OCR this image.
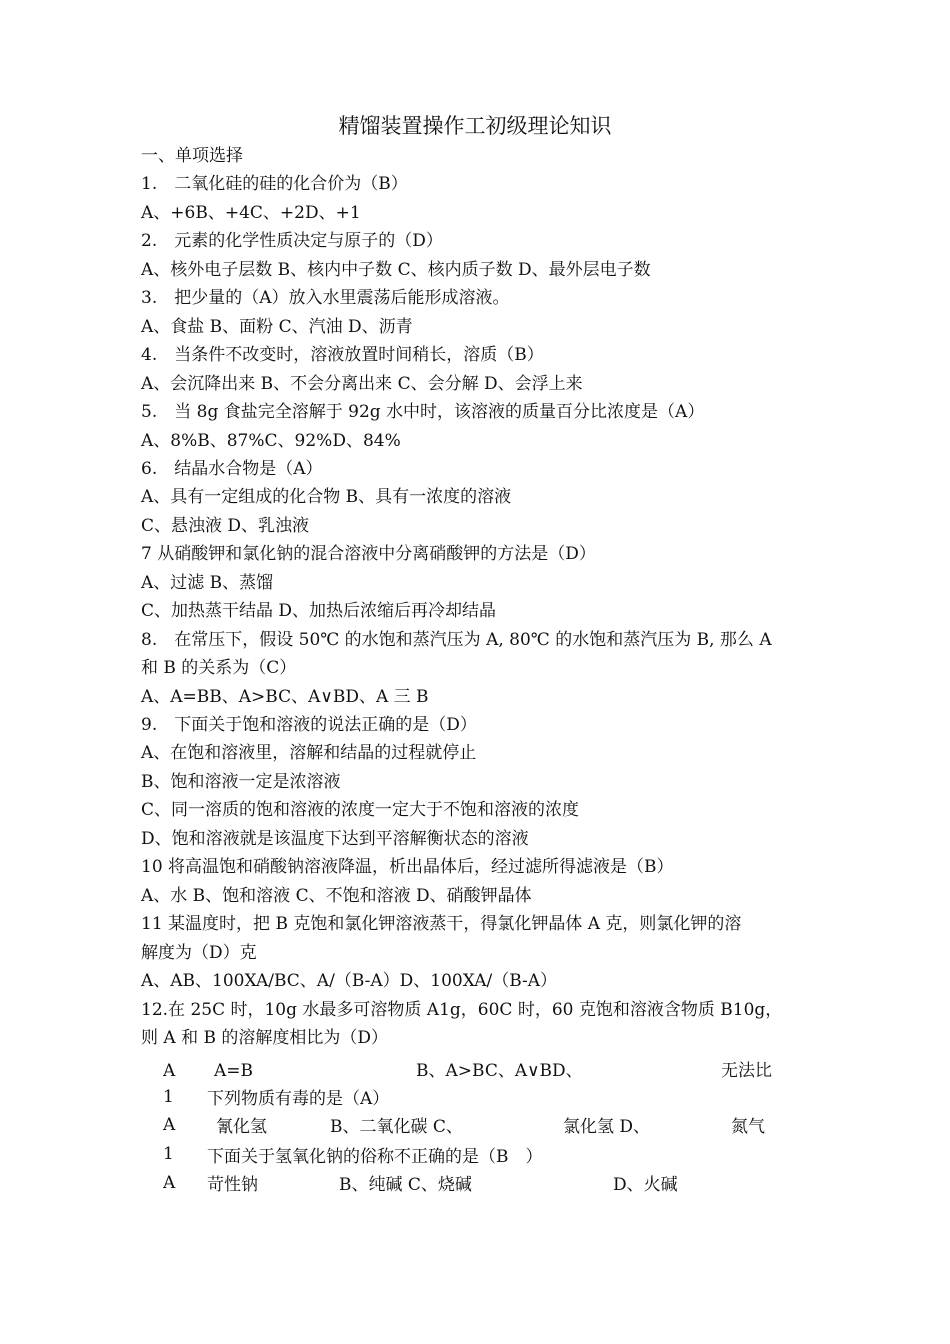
精馏装置操作工初级理论知识
一、单项选择
1.　二氧化硅的硅的化合价为（B）
A、+6B、+4C、+2D、+1
2.　元素的化学性质决定与原子的（D）
A、核外电子层数 B、核内中子数 C、核内质子数 D、最外层电子数
3.　把少量的（A）放入水里震荡后能形成溶液。
A、食盐 B、面粉 C、汽油 D、沥青
4.　当条件不改变时，溶液放置时间稍长，溶质（B）
A、会沉降出来 B、不会分离出来 C、会分解 D、会浮上来
5.　当 8g 食盐完全溶解于 92g 水中时，该溶液的质量百分比浓度是（A）
A、8%B、87%C、92%D、84%
6.　结晶水合物是（A）
A、具有一定组成的化合物 B、具有一浓度的溶液
C、悬浊液 D、乳浊液
7 从硝酸钾和氯化钠的混合溶液中分离硝酸钾的方法是（D）
A、过滤 B、蒸馏
C、加热蒸干结晶 D、加热后浓缩后再冷却结晶
8.　在常压下，假设 50℃ 的水饱和蒸汽压为 A, 80℃ 的水饱和蒸汽压为 B, 那么 A
和 B 的关系为（C）
A、A=BB、A>BC、A∨BD、A 三 B
9.　下面关于饱和溶液的说法正确的是（D）
A、在饱和溶液里，溶解和结晶的过程就停止
B、饱和溶液一定是浓溶液
C、同一溶质的饱和溶液的浓度一定大于不饱和溶液的浓度
D、饱和溶液就是该温度下达到平溶解衡状态的溶液
10 将高温饱和硝酸钠溶液降温，析出晶体后，经过滤所得滤液是（B）
A、水 B、饱和溶液 C、不饱和溶液 D、硝酸钾晶体
11 某温度时，把 B 克饱和氯化钾溶液蒸干，得氯化钾晶体 A 克，则氯化钾的溶
解度为（D）克
A、AB、100XA/BC、A/（B-A）D、100XA/（B-A）
12.在 25C 时，10g 水最多可溶物质 A1g，60C 时，60 克饱和溶液含物质 B10g，
则 A 和 B 的溶解度相比为（D）
A A=B	B、A>BC、A∨BD、	无法比
1 下列物质有毒的是（A）
A 氰化氢	B、二氧化碳 C、	氯化氢 D、	氮气
1 下面关于氢氧化钠的俗称不正确的是（B　）
A 苛性钠	B、纯碱 C、烧碱	D、火碱
